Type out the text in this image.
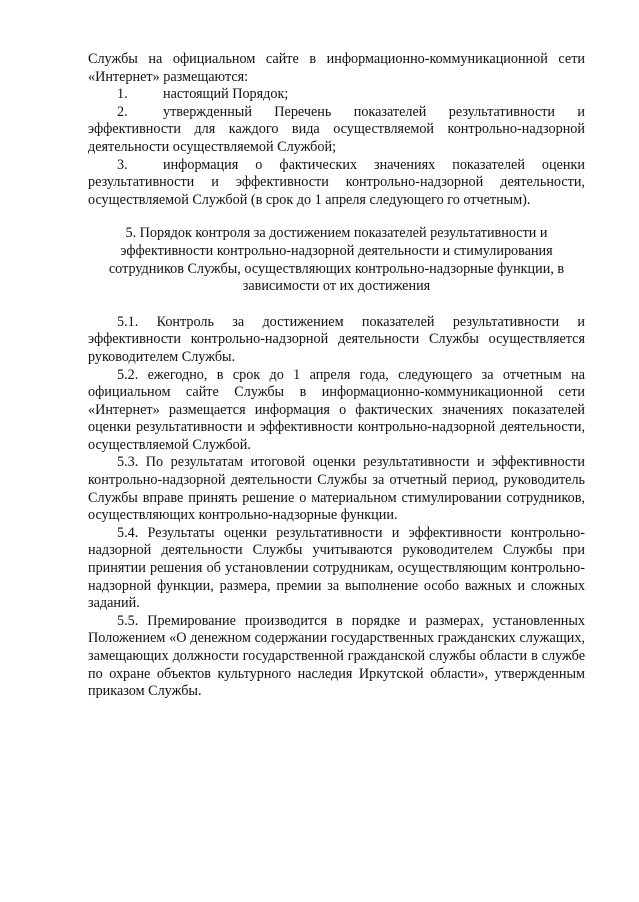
Службы на официальном сайте в информационно-коммуникационной сети «Интернет» размещаются:

1. настоящий Порядок;

2. утвержденный Перечень показателей результативности и эффективности для каждого вида осуществляемой контрольно-надзорной деятельности осуществляемой Службой;

3. информация о фактических значениях показателей оценки результативности и эффективности контрольно-надзорной деятельности, осуществляемой Службой (в срок до 1 апреля следующего го отчетным).

5. Порядок контроля за достижением показателей результативности и эффективности контрольно-надзорной деятельности и стимулирования сотрудников Службы, осуществляющих контрольно-надзорные функции, в зависимости от их достижения

5.1. Контроль за достижением показателей результативности и эффективности контрольно-надзорной деятельности Службы осуществляется руководителем Службы.

5.2. ежегодно, в срок до 1 апреля года, следующего за отчетным на официальном сайте Службы в информационно-коммуникационной сети «Интернет» размещается информация о фактических значениях показателей оценки результативности и эффективности контрольно-надзорной деятельности, осуществляемой Службой.

5.3. По результатам итоговой оценки результативности и эффективности контрольно-надзорной деятельности Службы за отчетный период, руководитель Службы вправе принять решение о материальном стимулировании сотрудников, осуществляющих контрольно-надзорные функции.

5.4. Результаты оценки результативности и эффективности контрольно-надзорной деятельности Службы учитываются руководителем Службы при принятии решения об установлении сотрудникам, осуществляющим контрольно-надзорной функции, размера, премии за выполнение особо важных и сложных заданий.

5.5. Премирование производится в порядке и размерах, установленных Положением «О денежном содержании государственных гражданских служащих, замещающих должности государственной гражданской службы области в службе по охране объектов культурного наследия Иркутской области», утвержденным приказом Службы.
